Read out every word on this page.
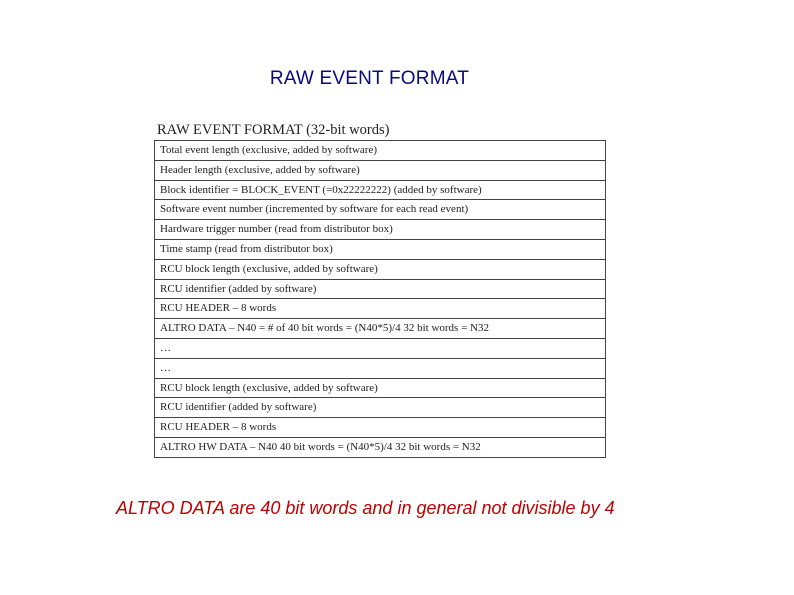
RAW EVENT FORMAT
RAW EVENT FORMAT (32-bit words)
Total event length (exclusive, added by software)
Header length (exclusive, added by software)
Block identifier = BLOCK_EVENT (=0x22222222) (added by software)
Software event number (incremented by software for each read event)
Hardware trigger number (read from distributor box)
Time stamp (read from distributor box)
RCU block length (exclusive, added by software)
RCU identifier (added by software)
RCU HEADER – 8 words
ALTRO DATA – N40 = # of 40 bit words = (N40*5)/4 32 bit words = N32
…
…
RCU block length (exclusive, added by software)
RCU identifier (added by software)
RCU HEADER – 8 words
ALTRO HW DATA – N40 40 bit words = (N40*5)/4 32 bit words = N32
ALTRO DATA are 40 bit words and in general not divisible by 4
